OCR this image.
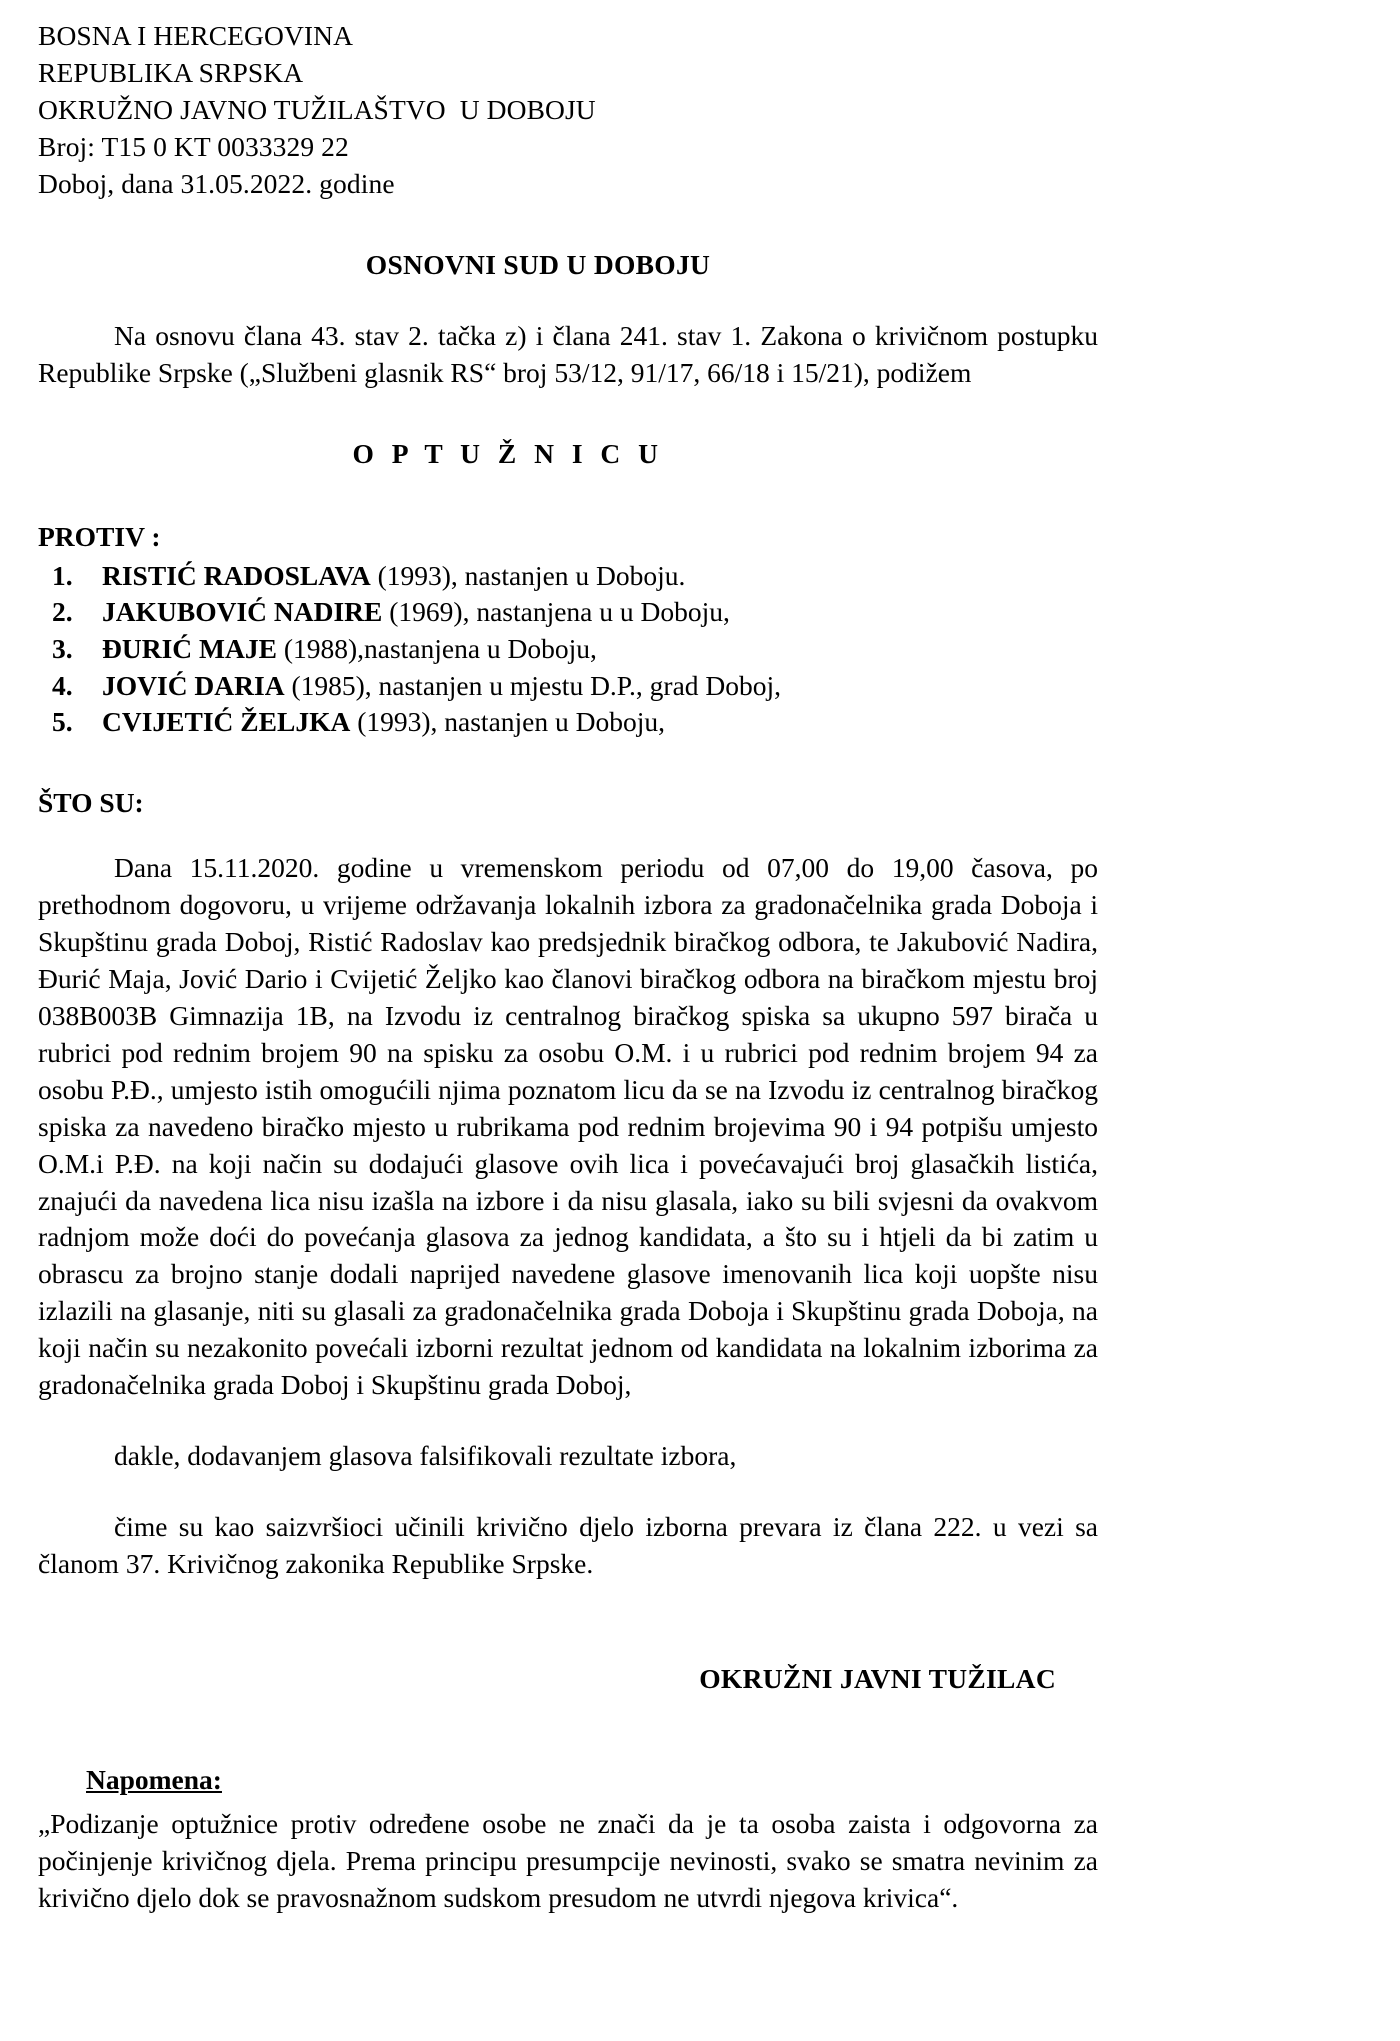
BOSNA I HERCEGOVINA
REPUBLIKA SRPSKA
OKRUŽNO JAVNO TUŽILAŠTVO  U DOBOJU
Broj: T15 0 KT 0033329 22
Doboj, dana 31.05.2022. godine
OSNOVNI SUD U DOBOJU
Na osnovu člana 43. stav 2. tačka z) i člana 241. stav 1. Zakona o krivičnom postupku Republike Srpske („Službeni glasnik RS“ broj 53/12, 91/17, 66/18 i 15/21), podižem
O P T U Ž N I C U
PROTIV :
1. RISTIĆ RADOSLAVA (1993), nastanjen u Doboju.
2. JAKUBOVIĆ NADIRE (1969), nastanjena u u Doboju,
3. ĐURIĆ MAJE (1988),nastanjena u Doboju,
4. JOVIĆ DARIA (1985), nastanjen u mjestu D.P., grad Doboj,
5. CVIJETIĆ ŽELJKA (1993), nastanjen u Doboju,
ŠTO SU:
Dana 15.11.2020. godine u vremenskom periodu od 07,00 do 19,00 časova, po prethodnom dogovoru, u vrijeme održavanja lokalnih izbora za gradonačelnika grada Doboja i Skupštinu grada Doboj, Ristić Radoslav kao predsjednik biračkog odbora, te Jakubović Nadira, Đurić Maja, Jović Dario i Cvijetić Željko kao članovi biračkog odbora na biračkom mjestu broj 038B003B Gimnazija 1B, na Izvodu iz centralnog biračkog spiska sa ukupno 597 birača u rubrici pod rednim brojem 90 na spisku za osobu O.M. i u rubrici pod rednim brojem 94 za osobu P.Đ., umjesto istih omogućili njima poznatom licu da se na Izvodu iz centralnog biračkog spiska za navedeno biračko mjesto u rubrikama pod rednim brojevima 90 i 94 potpišu umjesto O.M.i P.Đ. na koji način su dodajući glasove ovih lica i povećavajući broj glasačkih listića, znajući da navedena lica nisu izašla na izbore i da nisu glasala, iako su bili svjesni da ovakvom radnjom može doći do povećanja glasova za jednog kandidata, a što su i htjeli da bi zatim u obrascu za brojno stanje dodali naprijed navedene glasove imenovanih lica koji uopšte nisu izlazili na glasanje, niti su glasali za gradonačelnika grada Doboja i Skupštinu grada Doboja, na koji način su nezakonito povećali izborni rezultat jednom od kandidata na lokalnim izborima za gradonačelnika grada Doboj i Skupštinu grada Doboj,
dakle, dodavanjem glasova falsifikovali rezultate izbora,
čime su kao saizvršioci učinili krivično djelo izborna prevara iz člana 222. u vezi sa članom 37. Krivičnog zakonika Republike Srpske.
OKRUŽNI JAVNI TUŽILAC
Napomena:
„Podizanje optužnice protiv određene osobe ne znači da je ta osoba zaista i odgovorna za počinjenje krivičnog djela. Prema principu presumpcije nevinosti, svako se smatra nevinim za krivično djelo dok se pravosnažnom sudskom presudom ne utvrdi njegova krivica“.
